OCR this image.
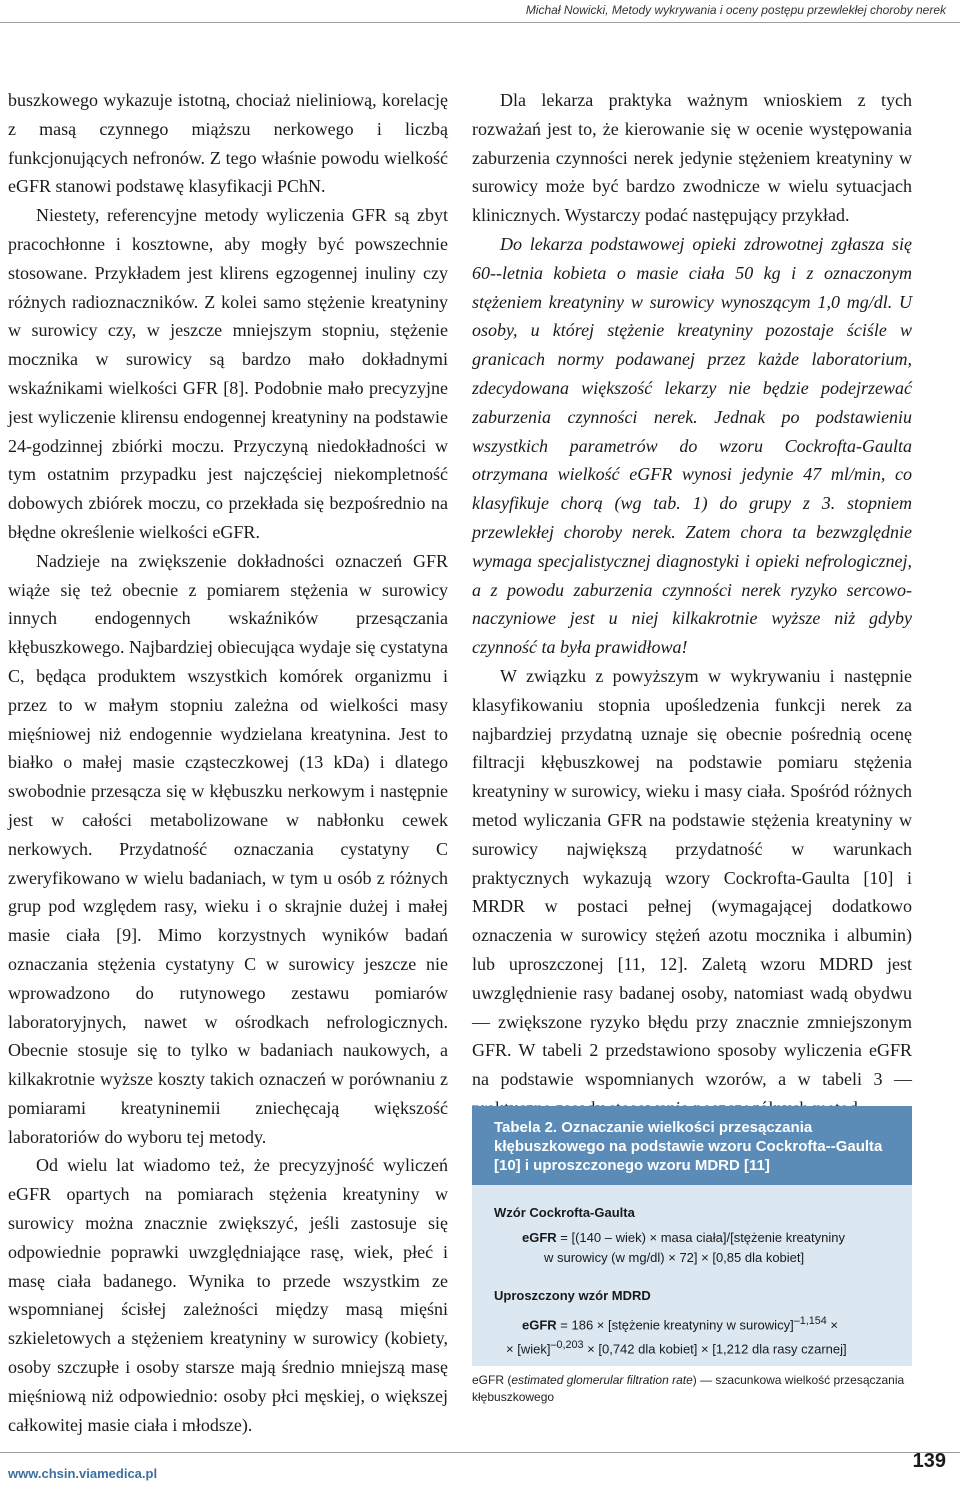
Michał Nowicki, Metody wykrywania i oceny postępu przewlekłej choroby nerek

buszkowego wykazuje istotną, chociaż nieliniową, korelację z masą czynnego miąższu nerkowego i liczbą funkcjonujących nefronów. Z tego właśnie powodu wielkość eGFR stanowi podstawę klasyfikacji PChN.

Niestety, referencyjne metody wyliczenia GFR są zbyt pracochłonne i kosztowne, aby mogły być powszechnie stosowane. Przykładem jest klirens egzogennej inuliny czy różnych radioznaczników. Z kolei samo stężenie kreatyniny w surowicy czy, w jeszcze mniejszym stopniu, stężenie mocznika w surowicy są bardzo mało dokładnymi wskaźnikami wielkości GFR [8]. Podobnie mało precyzyjne jest wyliczenie klirensu endogennej kreatyniny na podstawie 24-godzinnej zbiórki moczu. Przyczyną niedokładności w tym ostatnim przypadku jest najczęściej niekompletność dobowych zbiórek moczu, co przekłada się bezpośrednio na błędne określenie wielkości eGFR.

Nadzieje na zwiększenie dokładności oznaczeń GFR wiąże się też obecnie z pomiarem stężenia w surowicy innych endogennych wskaźników przesączania kłębuszkowego. Najbardziej obiecująca wydaje się cystatyna C, będąca produktem wszystkich komórek organizmu i przez to w małym stopniu zależna od wielkości masy mięśniowej niż endogennie wydzielana kreatynina. Jest to białko o małej masie cząsteczkowej (13 kDa) i dlatego swobodnie przesącza się w kłębuszku nerkowym i następnie jest w całości metabolizowane w nabłonku cewek nerkowych. Przydatność oznaczania cystatyny C zweryfikowano w wielu badaniach, w tym u osób z różnych grup pod względem rasy, wieku i o skrajnie dużej i małej masie ciała [9]. Mimo korzystnych wyników badań oznaczania stężenia cystatyny C w surowicy jeszcze nie wprowadzono do rutynowego zestawu pomiarów laboratoryjnych, nawet w ośrodkach nefrologicznych. Obecnie stosuje się to tylko w badaniach naukowych, a kilkakrotnie wyższe koszty takich oznaczeń w porównaniu z pomiarami kreatyninemii zniechęcają większość laboratoriów do wyboru tej metody.

Od wielu lat wiadomo też, że precyzyjność wyliczeń eGFR opartych na pomiarach stężenia kreatyniny w surowicy można znacznie zwiększyć, jeśli zastosuje się odpowiednie poprawki uwzględniające rasę, wiek, płeć i masę ciała badanego. Wynika to przede wszystkim ze wspomnianej ścisłej zależności między masą mięśni szkieletowych a stężeniem kreatyniny w surowicy (kobiety, osoby szczupłe i osoby starsze mają średnio mniejszą masę mięśniową niż odpowiednio: osoby płci męskiej, o większej całkowitej masie ciała i młodsze).

Dla lekarza praktyka ważnym wnioskiem z tych rozważań jest to, że kierowanie się w ocenie występowania zaburzenia czynności nerek jedynie stężeniem kreatyniny w surowicy może być bardzo zwodnicze w wielu sytuacjach klinicznych. Wystarczy podać następujący przykład.

Do lekarza podstawowej opieki zdrowotnej zgłasza się 60--letnia kobieta o masie ciała 50 kg i z oznaczonym stężeniem kreatyniny w surowicy wynoszącym 1,0 mg/dl. U osoby, u której stężenie kreatyniny pozostaje ściśle w granicach normy podawanej przez każde laboratorium, zdecydowana większość lekarzy nie będzie podejrzewać zaburzenia czynności nerek. Jednak po podstawieniu wszystkich parametrów do wzoru Cockrofta-Gaulta otrzymana wielkość eGFR wynosi jedynie 47 ml/min, co klasyfikuje chorą (wg tab. 1) do grupy z 3. stopniem przewlekłej choroby nerek. Zatem chora ta bezwzględnie wymaga specjalistycznej diagnostyki i opieki nefrologicznej, a z powodu zaburzenia czynności nerek ryzyko sercowo-naczyniowe jest u niej kilkakrotnie wyższe niż gdyby czynność ta była prawidłowa!

W związku z powyższym w wykrywaniu i następnie klasyfikowaniu stopnia upośledzenia funkcji nerek za najbardziej przydatną uznaje się obecnie pośrednią ocenę filtracji kłębuszkowej na podstawie pomiaru stężenia kreatyniny w surowicy, wieku i masy ciała. Spośród różnych metod wyliczania GFR na podstawie stężenia kreatyniny w surowicy największą przydatność w warunkach praktycznych wykazują wzory Cockrofta-Gaulta [10] i MRDR w postaci pełnej (wymagającej dodatkowo oznaczenia w surowicy stężeń azotu mocznika i albumin) lub uproszczonej [11, 12]. Zaletą wzoru MDRD jest uwzględnienie rasy badanej osoby, natomiast wadą obydwu — zwiększone ryzyko błędu przy znacznie zmniejszonym GFR. W tabeli 2 przedstawiono sposoby wyliczenia eGFR na podstawie wspomnianych wzorów, a w tabeli 3 —

Tabela 2. Oznaczanie wielkości przesączania kłębuszkowego na podstawie wzoru Cockrofta--Gaulta [10] i uproszczonego wzoru MDRD [11]
Wzór Cockrofta-Gaulta
eGFR = [(140 – wiek) × masa ciała]/[stężenie kreatyniny
w surowicy (w mg/dl) × 72] × [0,85 dla kobiet]
Uproszczony wzór MDRD
eGFR = 186 × [stężenie kreatyniny w surowicy]$^{-1,154}$ ×
× [wiek]$^{-0,203}$ × [0,742 dla kobiet] × [1,212 dla rasy czarnej]
eGFR (estimated glomerular filtration rate) — szacunkowa wielkość przesączania kłębuszkowego
www.chsin.viamedica.pl
139
